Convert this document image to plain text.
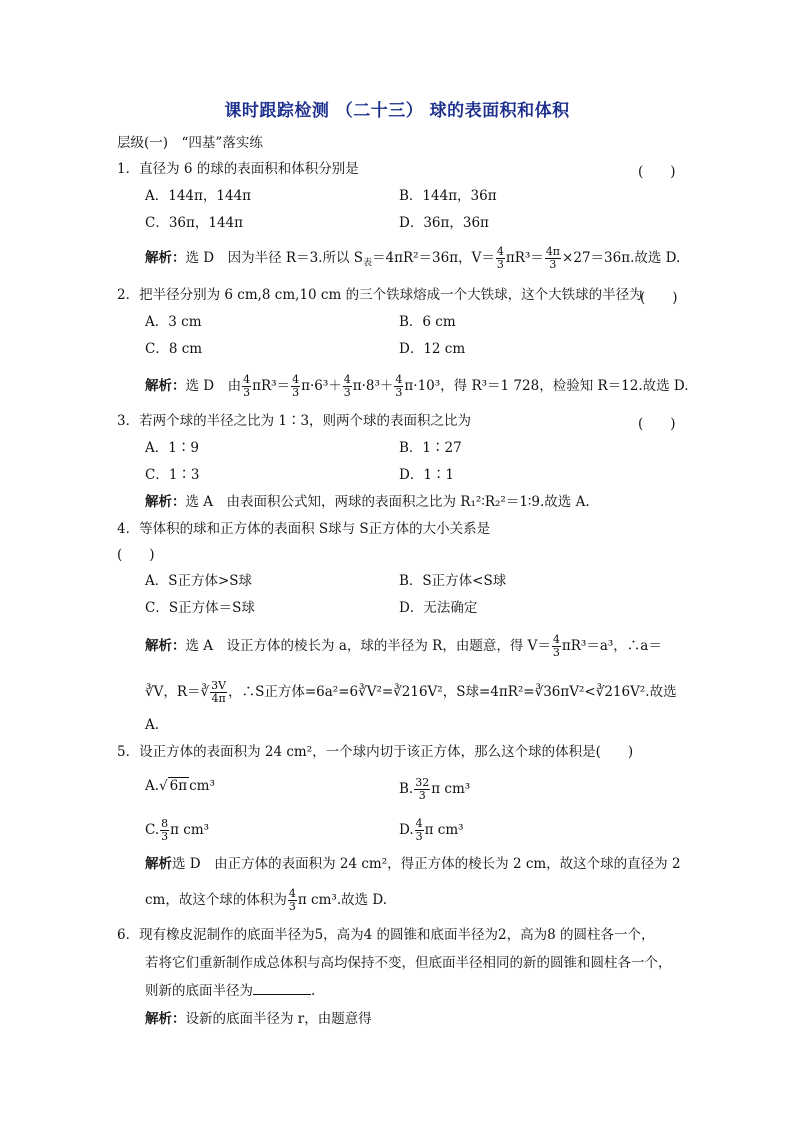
课时跟踪检测 （二十三） 球的表面积和体积
层级(一)　“四基”落实练
1．直径为 6 的球的表面积和体积分别是	(　　)
A．144π，144π	B．144π，36π
C．36π，144π	D．36π，36π
解析：选 D　因为半径 R＝3.所以 $S_表=4\pi R^2=36\pi$，$V= \frac{4}{3} \pi R^3= \frac{4\pi}{3} \times 27=36\pi$.故选 D.
2．把半径分别为 6 cm,8 cm,10 cm 的三个铁球熔成一个大铁球，这个大铁球的半径为
(　　)
A．3 cm	B．6 cm
C．8 cm	D．12 cm
解析：选 D　由 $\frac{4}{3} \pi R^3= \frac{4}{3} \pi\cdot 6^3+ \frac{4}{3} \pi\cdot 8^3+ \frac{4}{3} \pi\cdot 10^3$，得 R³＝1 728，检验知 R＝12.故选 D.
3．若两个球的半径之比为 1∶3，则两个球的表面积之比为	(　　)
A．1∶9	B．1∶27
C．1∶3	D．1∶1
解析：选 A　由表面积公式知，两球的表面积之比为 R₁²∶R₂²＝1∶9.故选 A.
4．等体积的球和正方体的表面积 S球与 S正方体的大小关系是
(　　)
A．S正方体>S球	B．S正方体<S球
C．S正方体＝S球	D．无法确定
解析：选 A　设正方体的棱长为 a，球的半径为 R，由题意，得 $V= \frac{4}{3} \pi R^3=a^3$，∴a＝
∛V，R＝∛ $\frac{3V}{4\pi}$ ，∴S正方体=6a²=6∛V²=∛216V²，S球=4πR²=∛36πV²<∛216V².故选
A.
5．设正方体的表面积为 24 cm²，一个球内切于该正方体，那么这个球的体积是(　　)
A.√ 6π cm³	B. $\frac{32}{3}$ π cm³
C. $\frac{8}{3}$ π cm³	D. $\frac{4}{3}$ π cm³
解析选 D　由正方体的表面积为 24 cm²，得正方体的棱长为 2 cm，故这个球的直径为 2
cm，故这个球的体积为 $\frac{4}{3}$ π cm³.故选 D.
6．现有橡皮泥制作的底面半径为5，高为4 的圆锥和底面半径为2，高为8 的圆柱各一个，
若将它们重新制作成总体积与高均保持不变，但底面半径相同的新的圆锥和圆柱各一个，
则新的底面半径为	.
解析：设新的底面半径为 r，由题意得
